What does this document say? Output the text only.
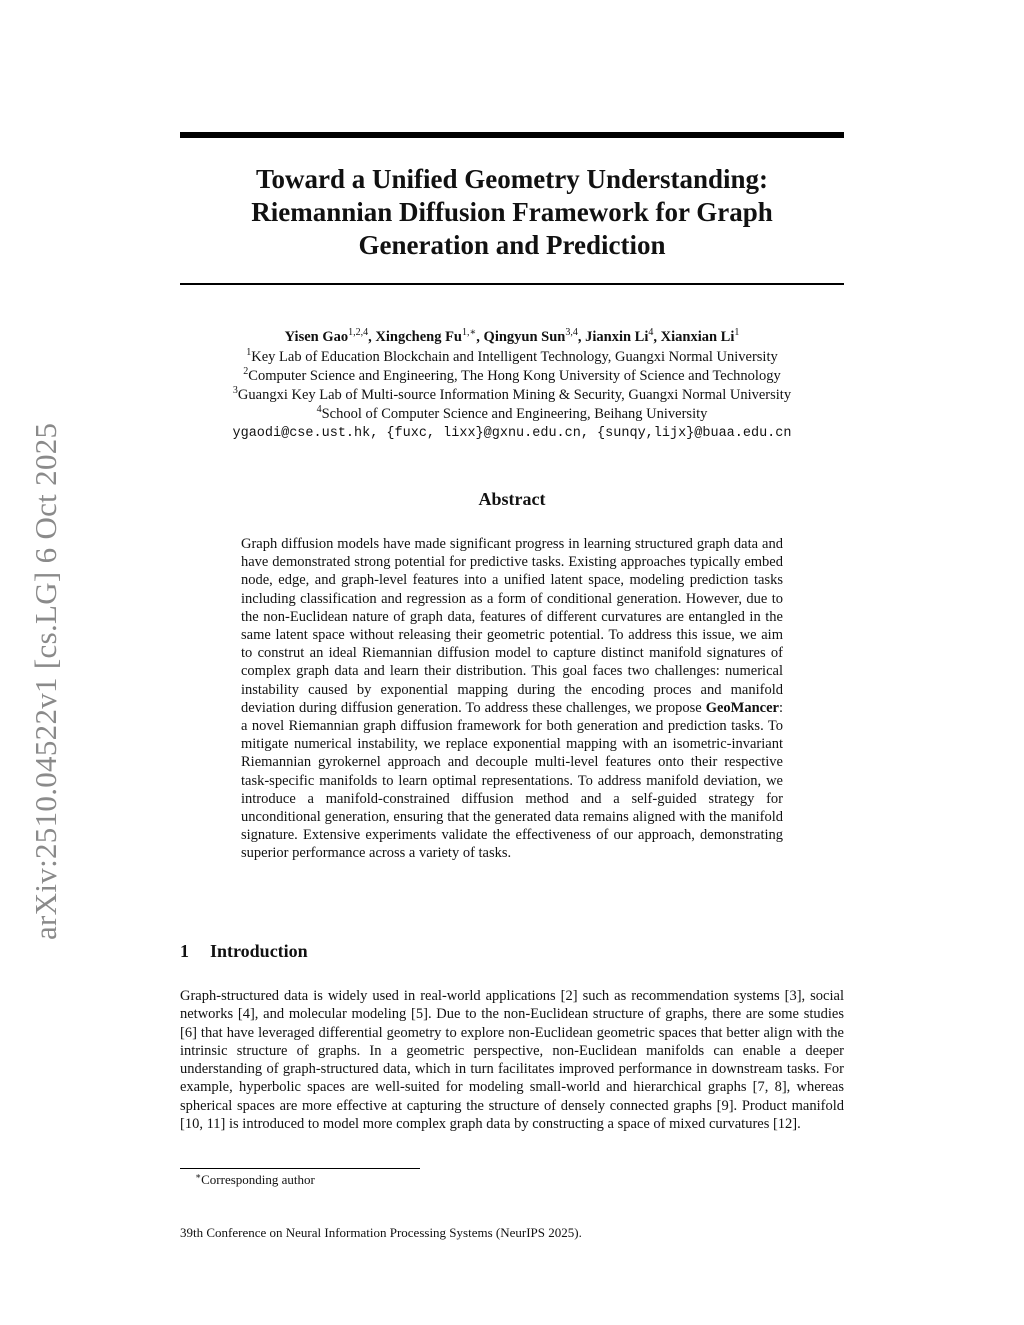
arXiv:2510.04522v1 [cs.LG] 6 Oct 2025
Toward a Unified Geometry Understanding:
Riemannian Diffusion Framework for Graph
Generation and Prediction

Yisen Gao$^{1,2,4}$, Xingcheng $Fu^{1,∗}$, Qingyun Sun$^{3,4}$, Jianxin Li$^4$, Xianxian Li$^1$

$^1$Key Lab of Education Blockchain and Intelligent Technology, Guangxi Normal University

$^2$Computer Science and Engineering, The Hong Kong University of Science and Technology

$^3$Guangxi Key Lab of Multi-source Information Mining & Security, Guangxi Normal University

$^4$School of Computer Science and Engineering, Beihang University

ygaodi@cse.ust.hk, {fuxc, lixx}@gxnu.edu.cn, {sunqy,lijx}@buaa.edu.cn

Abstract

Graph diffusion models have made significant progress in learning structured graph data and have demonstrated strong potential for predictive tasks. Existing approaches typically embed node, edge, and graph-level features into a unified latent space, modeling prediction tasks including classification and regression as a form of conditional generation. However, due to the non-Euclidean nature of graph data, features of different curvatures are entangled in the same latent space without releasing their geometric potential. To address this issue, we aim to construt an ideal Riemannian diffusion model to capture distinct manifold signatures of complex graph data and learn their distribution. This goal faces two challenges: numerical instability caused by exponential mapping during the encoding proces and manifold deviation during diffusion generation. To address these challenges, we propose GeoMancer: a novel Riemannian graph diffusion framework for both generation and prediction tasks. To mitigate numerical instability, we replace exponential mapping with an isometric-invariant Riemannian gyrokernel approach and decouple multi-level features onto their respective task-specific manifolds to learn optimal representations. To address manifold deviation, we introduce a manifold-constrained diffusion method and a self-guided strategy for unconditional generation, ensuring that the generated data remains aligned with the manifold signature. Extensive experiments validate the effectiveness of our approach, demonstrating superior performance across a variety of tasks.

1 Introduction

Graph-structured data is widely used in real-world applications [2] such as recommendation systems [3], social networks [4], and molecular modeling [5]. Due to the non-Euclidean structure of graphs, there are some studies [6] that have leveraged differential geometry to explore non-Euclidean geometric spaces that better align with the intrinsic structure of graphs. In a geometric perspective, non-Euclidean manifolds can enable a deeper understanding of graph-structured data, which in turn facilitates improved performance in downstream tasks. For example, hyperbolic spaces are well-suited for modeling small-world and hierarchical graphs [7, 8], whereas spherical spaces are more effective at capturing the structure of densely connected graphs [9]. Product manifold [10, 11] is introduced to model more complex graph data by constructing a space of mixed curvatures [12].

∗Corresponding author

39th Conference on Neural Information Processing Systems (NeurIPS 2025).
